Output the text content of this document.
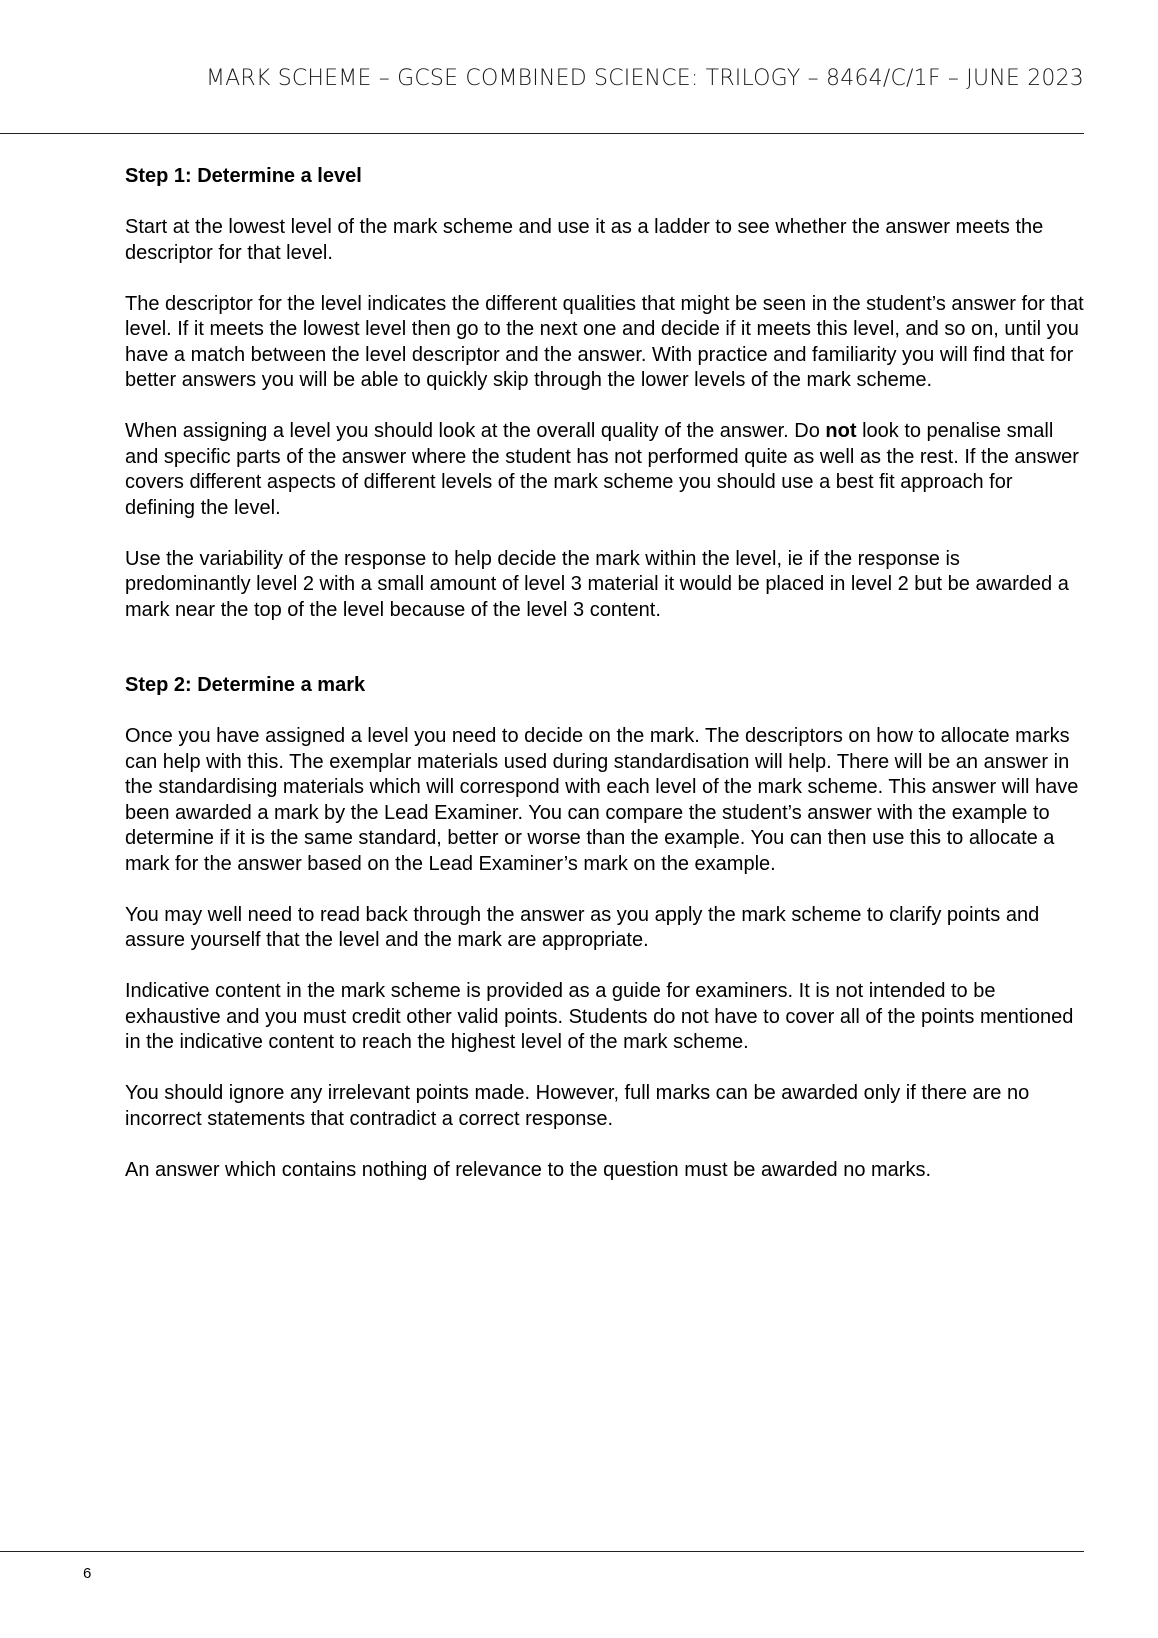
MARK SCHEME – GCSE COMBINED SCIENCE: TRILOGY – 8464/C/1F – JUNE 2023
Step 1: Determine a level

Start at the lowest level of the mark scheme and use it as a ladder to see whether the answer meets the descriptor for that level.

The descriptor for the level indicates the different qualities that might be seen in the student’s answer for that level. If it meets the lowest level then go to the next one and decide if it meets this level, and so on, until you have a match between the level descriptor and the answer. With practice and familiarity you will find that for better answers you will be able to quickly skip through the lower levels of the mark scheme.

When assigning a level you should look at the overall quality of the answer. Do not look to penalise small and specific parts of the answer where the student has not performed quite as well as the rest. If the answer covers different aspects of different levels of the mark scheme you should use a best fit approach for defining the level.

Use the variability of the response to help decide the mark within the level, ie if the response is predominantly level 2 with a small amount of level 3 material it would be placed in level 2 but be awarded a mark near the top of the level because of the level 3 content.

Step 2: Determine a mark

Once you have assigned a level you need to decide on the mark. The descriptors on how to allocate marks can help with this. The exemplar materials used during standardisation will help. There will be an answer in the standardising materials which will correspond with each level of the mark scheme. This answer will have been awarded a mark by the Lead Examiner. You can compare the student’s answer with the example to determine if it is the same standard, better or worse than the example. You can then use this to allocate a mark for the answer based on the Lead Examiner’s mark on the example.

You may well need to read back through the answer as you apply the mark scheme to clarify points and assure yourself that the level and the mark are appropriate.

Indicative content in the mark scheme is provided as a guide for examiners. It is not intended to be exhaustive and you must credit other valid points. Students do not have to cover all of the points mentioned in the indicative content to reach the highest level of the mark scheme.

You should ignore any irrelevant points made. However, full marks can be awarded only if there are no incorrect statements that contradict a correct response.

An answer which contains nothing of relevance to the question must be awarded no marks.

6
